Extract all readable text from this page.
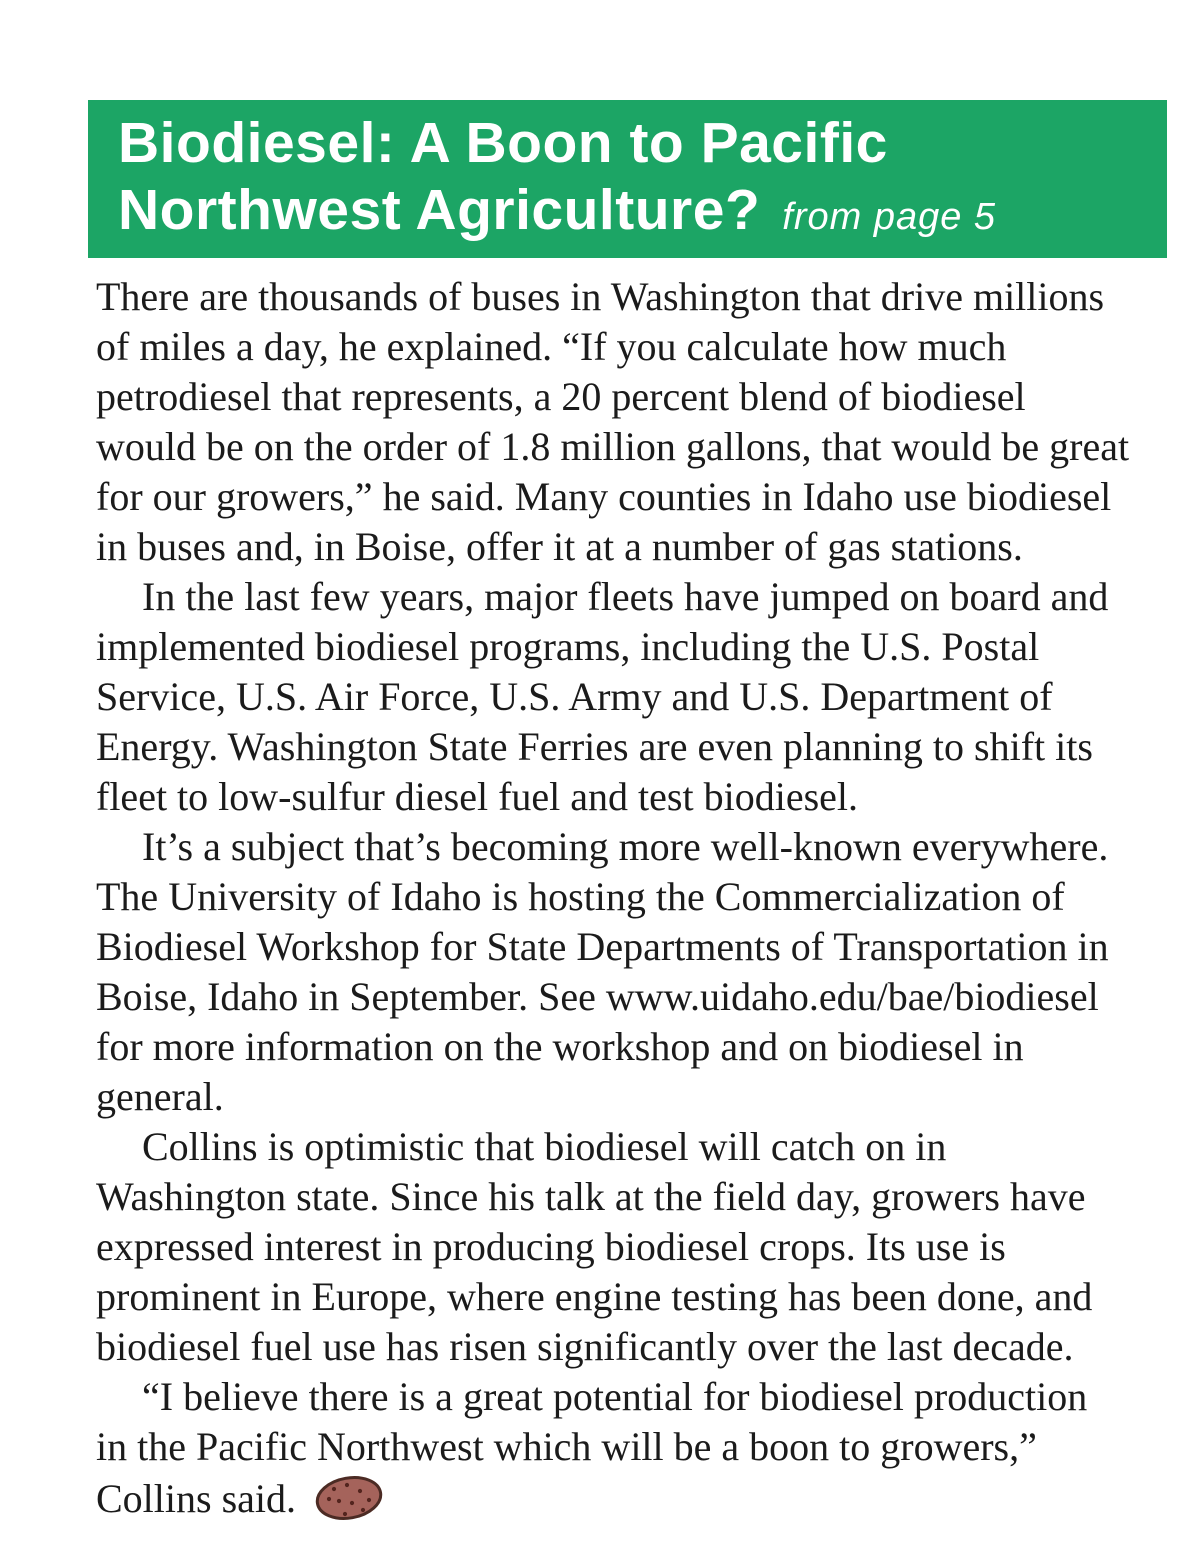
Biodiesel: A Boon to Pacific
Northwest Agriculture? from page 5

There are thousands of buses in Washington that drive millions
of miles a day, he explained. “If you calculate how much
petrodiesel that represents, a 20 percent blend of biodiesel
would be on the order of 1.8 million gallons, that would be great
for our growers,” he said. Many counties in Idaho use biodiesel
in buses and, in Boise, offer it at a number of gas stations.

In the last few years, major fleets have jumped on board and
implemented biodiesel programs, including the U.S. Postal
Service, U.S. Air Force, U.S. Army and U.S. Department of
Energy. Washington State Ferries are even planning to shift its
fleet to low-sulfur diesel fuel and test biodiesel.

It’s a subject that’s becoming more well-known everywhere.
The University of Idaho is hosting the Commercialization of
Biodiesel Workshop for State Departments of Transportation in
Boise, Idaho in September. See www.uidaho.edu/bae/biodiesel
for more information on the workshop and on biodiesel in
general.

Collins is optimistic that biodiesel will catch on in
Washington state. Since his talk at the field day, growers have
expressed interest in producing biodiesel crops. Its use is
prominent in Europe, where engine testing has been done, and
biodiesel fuel use has risen significantly over the last decade.

“I believe there is a great potential for biodiesel production
in the Pacific Northwest which will be a boon to growers,”
Collins said.
